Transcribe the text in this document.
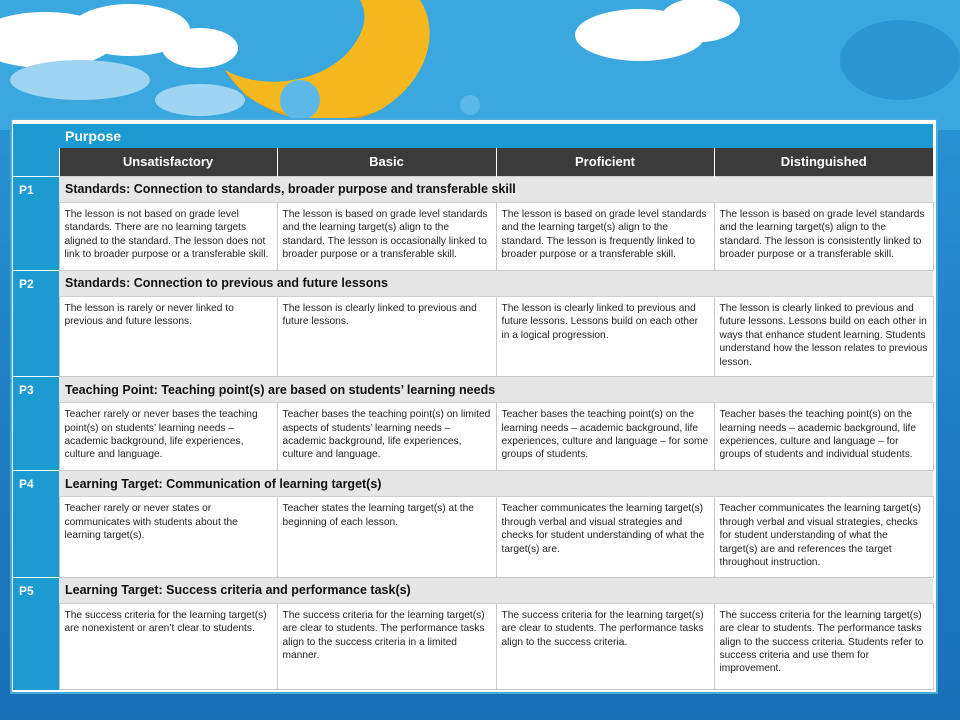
	Purpose			
	Unsatisfactory	Basic	Proficient	Distinguished
P1	Standards: Connection to standards, broader purpose and transferable skill			
	The lesson is not based on grade level standards. There are no learning targets aligned to the standard. The lesson does not link to broader purpose or a transferable skill.	The lesson is based on grade level standards and the learning target(s) align to the standard. The lesson is occasionally linked to broader purpose or a transferable skill.	The lesson is based on grade level standards and the learning target(s) align to the standard. The lesson is frequently linked to broader purpose or a transferable skill.	The lesson is based on grade level standards and the learning target(s) align to the standard. The lesson is consistently linked to broader purpose or a transferable skill.
P2	Standards: Connection to previous and future lessons			
	The lesson is rarely or never linked to previous and future lessons.	The lesson is clearly linked to previous and future lessons.	The lesson is clearly linked to previous and future lessons. Lessons build on each other in a logical progression.	The lesson is clearly linked to previous and future lessons. Lessons build on each other in ways that enhance student learning. Students understand how the lesson relates to previous lesson.
P3	Teaching Point: Teaching point(s) are based on students’ learning needs			
	Teacher rarely or never bases the teaching point(s) on students’ learning needs – academic background, life experiences, culture and language.	Teacher bases the teaching point(s) on limited aspects of students’ learning needs – academic background, life experiences, culture and language.	Teacher bases the teaching point(s) on the learning needs – academic background, life experiences, culture and language – for some groups of students.	Teacher bases the teaching point(s) on the learning needs – academic background, life experiences, culture and language – for groups of students and individual students.
P4	Learning Target: Communication of learning target(s)			
	Teacher rarely or never states or communicates with students about the learning target(s).	Teacher states the learning target(s) at the beginning of each lesson.	Teacher communicates the learning target(s) through verbal and visual strategies and checks for student understanding of what the target(s) are.	Teacher communicates the learning target(s) through verbal and visual strategies, checks for student understanding of what the target(s) are and references the target throughout instruction.
P5	Learning Target: Success criteria and performance task(s)			
	The success criteria for the learning target(s) are nonexistent or aren’t clear to students.	The success criteria for the learning target(s) are clear to students. The performance tasks align to the success criteria in a limited manner.	The success criteria for the learning target(s) are clear to students. The performance tasks align to the success criteria.	The success criteria for the learning target(s) are clear to students. The performance tasks align to the success criteria. Students refer to success criteria and use them for improvement.
